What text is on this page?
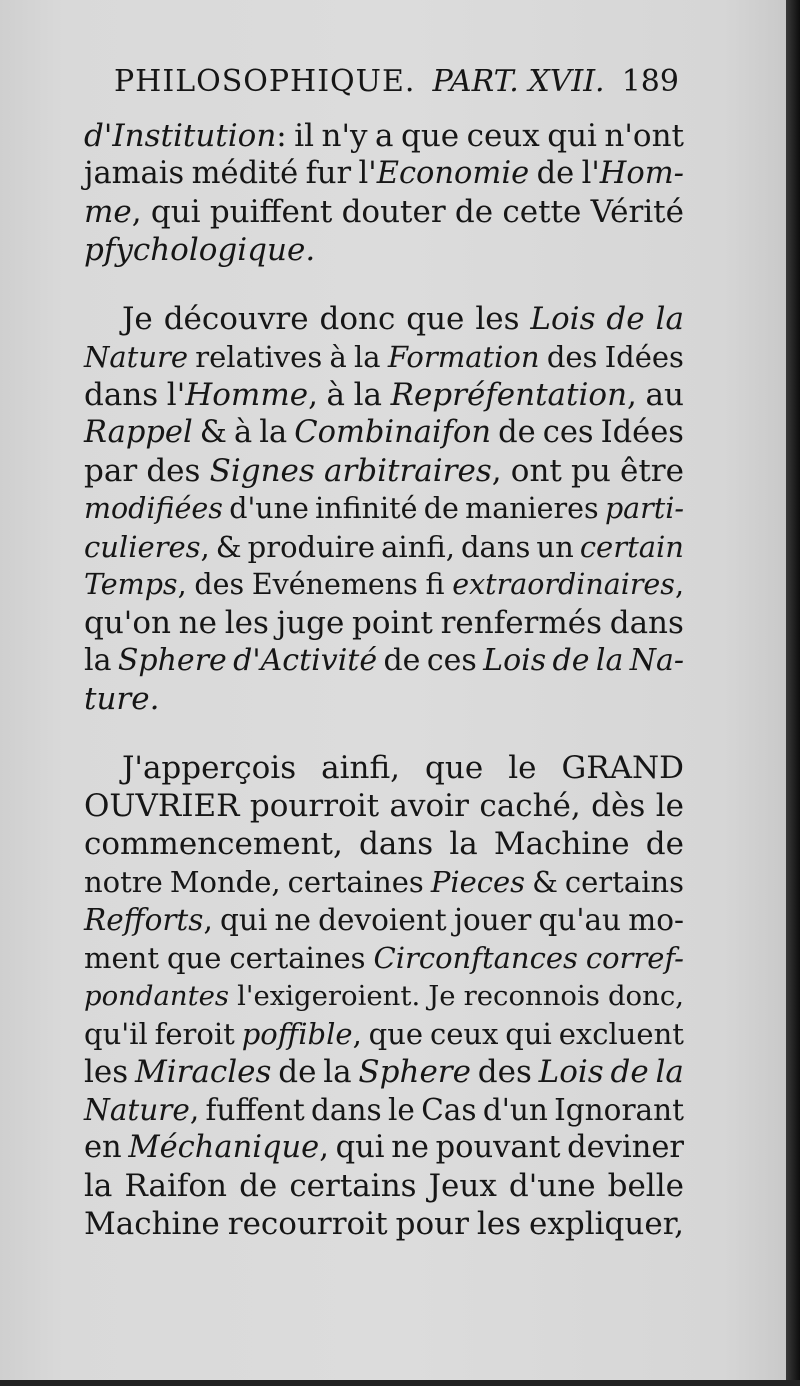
PHILOSOPHIQUE. PART. XVII. 189
d'Institution: il n'y a que ceux qui n'ont
jamais médité fur l'Economie de l'Hom-
me, qui puiffent douter de cette Vérité
pfychologique.
Je découvre donc que les Lois de la
Nature relatives à la Formation des Idées
dans l'Homme, à la Repréfentation, au
Rappel & à la Combinaifon de ces Idées
par des Signes arbitraires, ont pu être
modifiées d'une infinité de manieres parti-
culieres, & produire ainfi, dans un certain
Temps, des Evénemens fi extraordinaires,
qu'on ne les juge point renfermés dans
la Sphere d'Activité de ces Lois de la Na-
ture.
J'apperçois ainfi, que le GRAND
OUVRIER pourroit avoir caché, dès le
commencement, dans la Machine de
notre Monde, certaines Pieces & certains
Refforts, qui ne devoient jouer qu'au mo-
ment que certaines Circonftances corref-
pondantes l'exigeroient. Je reconnois donc,
qu'il feroit poffible, que ceux qui excluent
les Miracles de la Sphere des Lois de la
Nature, fuffent dans le Cas d'un Ignorant
en Méchanique, qui ne pouvant deviner
la Raifon de certains Jeux d'une belle
Machine recourroit pour les expliquer,
